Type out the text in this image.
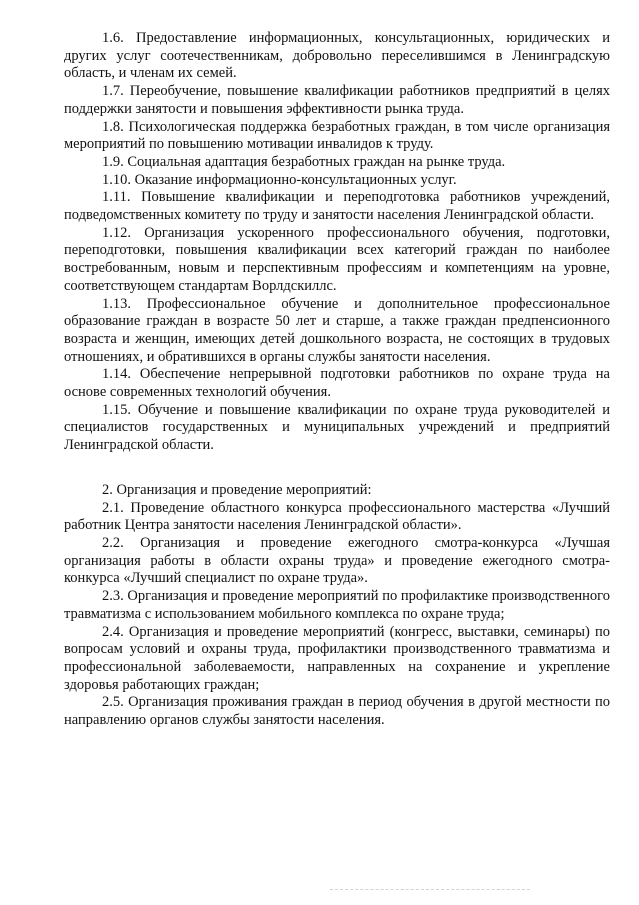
1.6. Предоставление информационных, консультационных, юридических и других услуг соотечественникам, добровольно переселившимся в Ленинградскую область, и членам их семей.

1.7. Переобучение, повышение квалификации работников предприятий в целях поддержки занятости и повышения эффективности рынка труда.

1.8. Психологическая поддержка безработных граждан, в том числе организация мероприятий по повышению мотивации инвалидов к труду.

1.9. Социальная адаптация безработных граждан на рынке труда.

1.10. Оказание информационно-консультационных услуг.

1.11. Повышение квалификации и переподготовка работников учреждений, подведомственных комитету по труду и занятости населения Ленинградской области.

1.12. Организация ускоренного профессионального обучения, подготовки, переподготовки, повышения квалификации всех категорий граждан по наиболее востребованным, новым и перспективным профессиям и компетенциям на уровне, соответствующем стандартам Ворлдскиллс.

1.13. Профессиональное обучение и дополнительное профессиональное образование граждан в возрасте 50 лет и старше, а также граждан предпенсионного возраста и женщин, имеющих детей дошкольного возраста, не состоящих в трудовых отношениях, и обратившихся в органы службы занятости населения.

1.14. Обеспечение непрерывной подготовки работников по охране труда на основе современных технологий обучения.

1.15. Обучение и повышение квалификации по охране труда руководителей и специалистов государственных и муниципальных учреждений и предприятий Ленинградской области.

2. Организация и проведение мероприятий:

2.1. Проведение областного конкурса профессионального мастерства «Лучший работник Центра занятости населения Ленинградской области».

2.2. Организация и проведение ежегодного смотра-конкурса «Лучшая организация работы в области охраны труда» и проведение ежегодного смотра-конкурса «Лучший специалист по охране труда».

2.3. Организация и проведение мероприятий по профилактике производственного травматизма с использованием мобильного комплекса по охране труда;

2.4. Организация и проведение мероприятий (конгресс, выставки, семинары) по вопросам условий и охраны труда, профилактики производственного травматизма и профессиональной заболеваемости, направленных на сохранение и укрепление здоровья работающих граждан;

2.5. Организация проживания граждан в период обучения в другой местности по направлению органов службы занятости населения.
